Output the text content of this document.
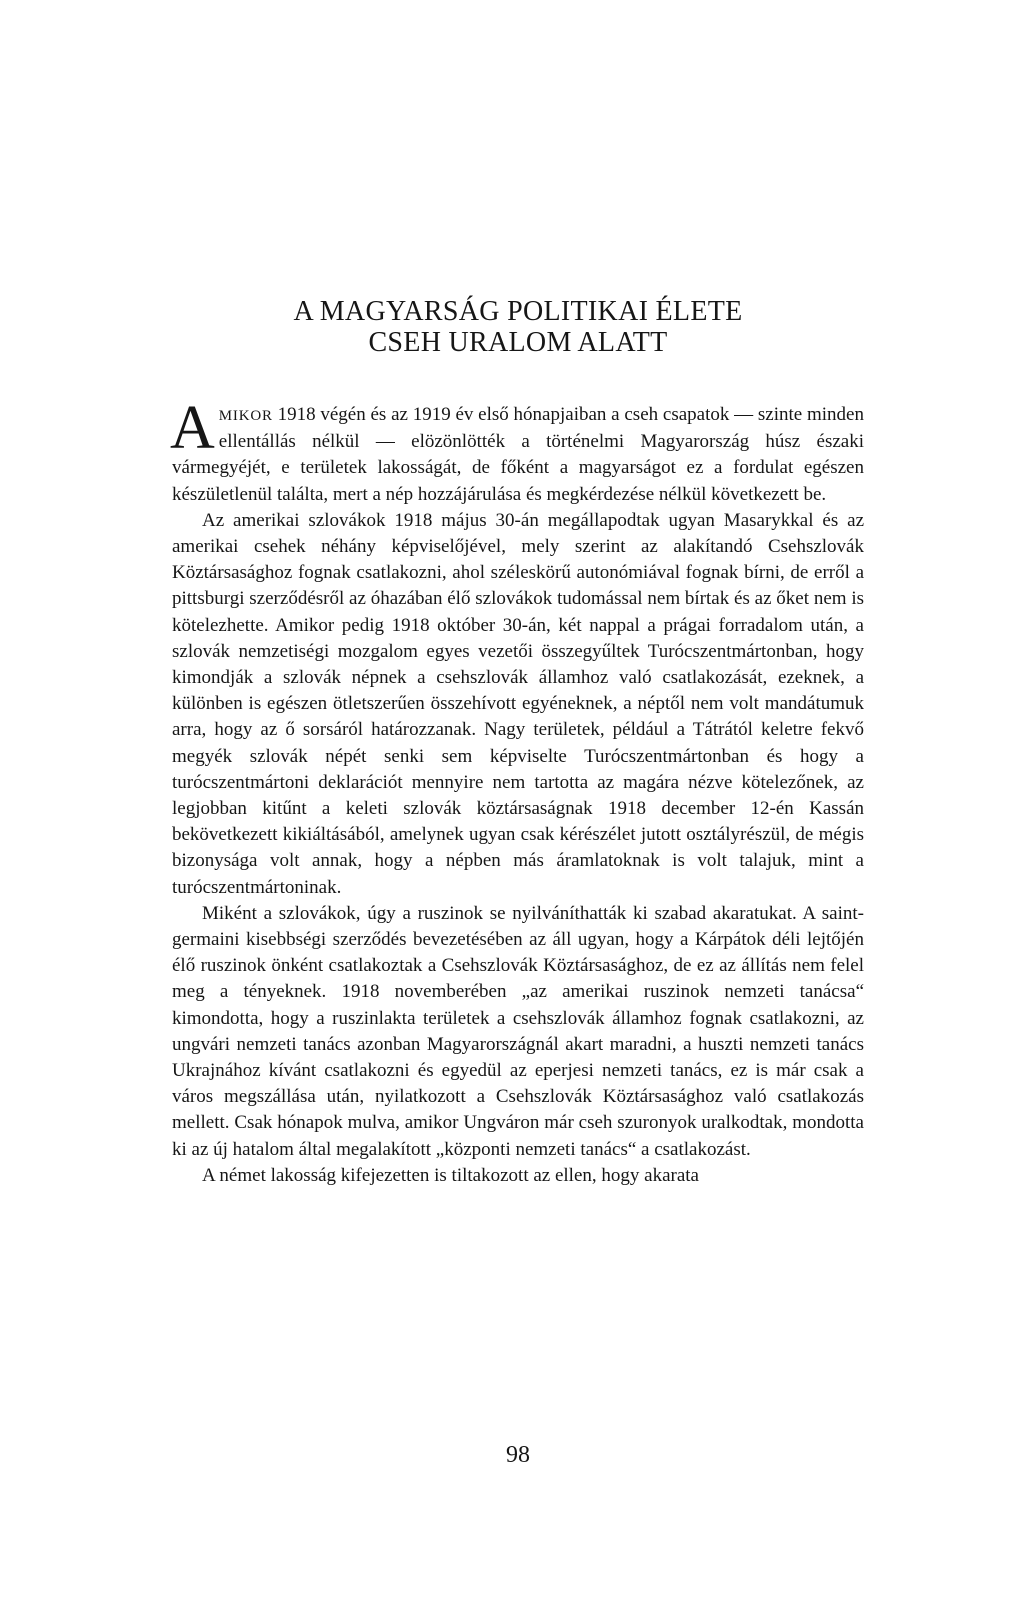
A MAGYARSÁG POLITIKAI ÉLETE
CSEH URALOM ALATT

AMIKOR 1918 végén és az 1919 év első hónapjaiban a cseh csapatok — szinte minden ellentállás nélkül — elözönlötték a történelmi Magyarország húsz északi vármegyéjét, e területek lakosságát, de főként a magyarságot ez a fordulat egészen készületlenül találta, mert a nép hozzájárulása és megkérdezése nélkül következett be.

Az amerikai szlovákok 1918 május 30-án megállapodtak ugyan Masarykkal és az amerikai csehek néhány képviselőjével, mely szerint az alakítandó Csehszlovák Köztársasághoz fognak csatlakozni, ahol széleskörű autonómiával fognak bírni, de erről a pittsburgi szerződésről az óhazában élő szlovákok tudomással nem bírtak és az őket nem is kötelezhette. Amikor pedig 1918 október 30-án, két nappal a prágai forradalom után, a szlovák nemzetiségi mozgalom egyes vezetői összegyűltek Turócszentmártonban, hogy kimondják a szlovák népnek a csehszlovák államhoz való csatlakozását, ezeknek, a különben is egészen ötletszerűen összehívott egyéneknek, a néptől nem volt mandátumuk arra, hogy az ő sorsáról határozzanak. Nagy területek, például a Tátrától keletre fekvő megyék szlovák népét senki sem képviselte Turócszentmártonban és hogy a turócszentmártoni deklarációt mennyire nem tartotta az magára nézve kötelezőnek, az legjobban kitűnt a keleti szlovák köztársaságnak 1918 december 12-én Kassán bekövetkezett kikiáltásából, amelynek ugyan csak kérészélet jutott osztályrészül, de mégis bizonysága volt annak, hogy a népben más áramlatoknak is volt talajuk, mint a turócszentmártoninak.

Miként a szlovákok, úgy a ruszinok se nyilváníthatták ki szabad akaratukat. A saint-germaini kisebbségi szerződés bevezetésében az áll ugyan, hogy a Kárpátok déli lejtőjén élő ruszinok önként csatlakoztak a Csehszlovák Köztársasághoz, de ez az állítás nem felel meg a tényeknek. 1918 novemberében „az amerikai ruszinok nemzeti tanácsa“ kimondotta, hogy a ruszinlakta területek a csehszlovák államhoz fognak csatlakozni, az ungvári nemzeti tanács azonban Magyarországnál akart maradni, a huszti nemzeti tanács Ukrajnához kívánt csatlakozni és egyedül az eperjesi nemzeti tanács, ez is már csak a város megszállása után, nyilatkozott a Csehszlovák Köztársasághoz való csatlakozás mellett. Csak hónapok mulva, amikor Ungváron már cseh szuronyok uralkodtak, mondotta ki az új hatalom által megalakított „központi nemzeti tanács“ a csatlakozást.

A német lakosság kifejezetten is tiltakozott az ellen, hogy akarata

98
